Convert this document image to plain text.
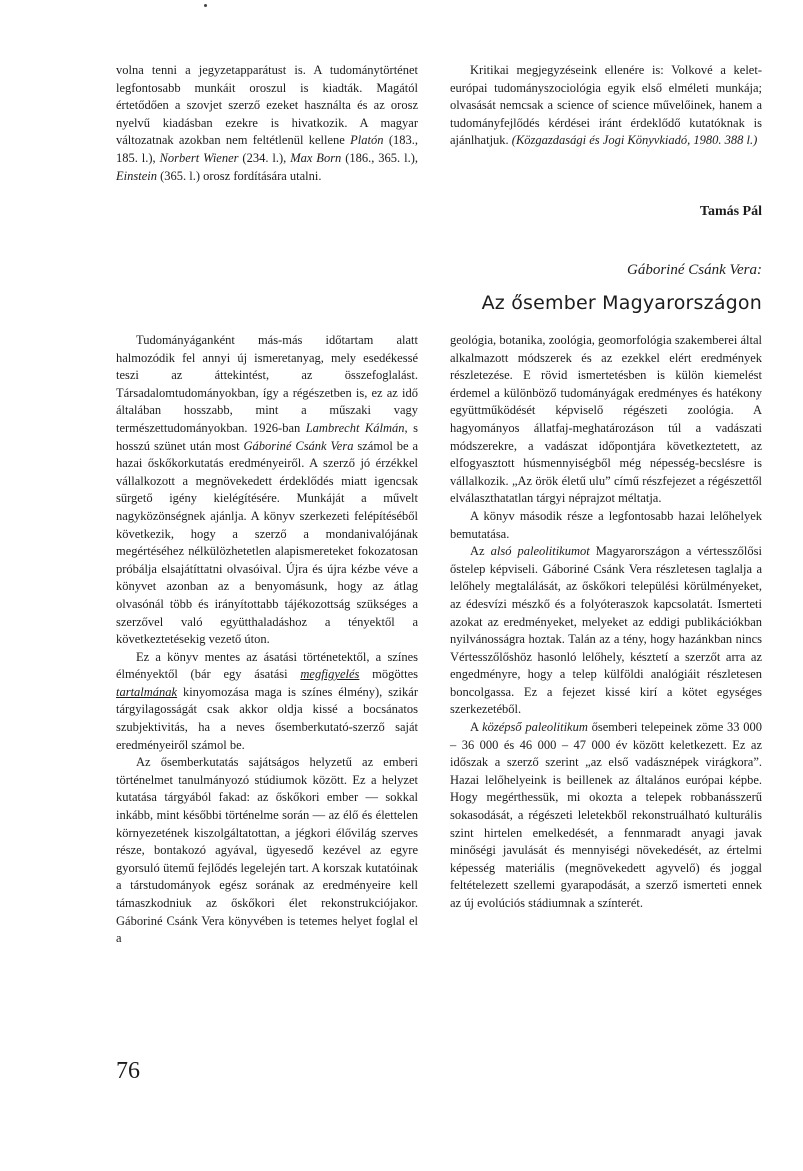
volna tenni a jegyzetapparátust is. A tudománytörténet legfontosabb munkáit oroszul is kiadták. Magától értetődően a szovjet szerző ezeket használta és az orosz nyelvű kiadásban ezekre is hivatkozik. A magyar változatnak azokban nem feltétlenül kellene Platón (183., 185. l.), Norbert Wiener (234. l.), Max Born (186., 365. l.), Einstein (365. l.) orosz fordítására utalni.

Kritikai megjegyzéseink ellenére is: Volkové a kelet-európai tudományszociológia egyik első elméleti munkája; olvasását nemcsak a science of science művelőinek, hanem a tudományfejlődés kérdései iránt érdeklődő kutatóknak is ajánlhatjuk. (Közgazdasági és Jogi Könyvkiadó, 1980. 388 l.)

Tamás Pál
Gáboriné Csánk Vera:
Az ősember Magyarországon

Tudományáganként más-más időtartam alatt halmozódik fel annyi új ismeretanyag, mely esedékessé teszi az áttekintést, az összefoglalást. Társadalomtudományokban, így a régészetben is, ez az idő általában hosszabb, mint a műszaki vagy természettudományokban. 1926-ban Lambrecht Kálmán, s hosszú szünet után most Gáboriné Csánk Vera számol be a hazai őskőkorkutatás eredményeiről. A szerző jó érzékkel vállalkozott a megnövekedett érdeklődés miatt igencsak sürgető igény kielégítésére. Munkáját a művelt nagyközönségnek ajánlja. A könyv szerkezeti felépítéséből következik, hogy a szerző a mondanivalójának megértéséhez nélkülözhetetlen alapismereteket fokozatosan próbálja elsajátíttatni olvasóival. Újra és újra kézbe véve a könyvet azonban az a benyomásunk, hogy az átlag olvasónál több és irányítottabb tájékozottság szükséges a szerzővel való együtthaladáshoz a tényektől a következtetésekig vezető úton.

Ez a könyv mentes az ásatási történetektől, a színes élményektől (bár egy ásatási megfigyelés mögöttes tartalmának kinyomozása maga is színes élmény), szikár tárgyilagosságát csak akkor oldja kissé a bocsánatos szubjektivitás, ha a neves ősemberkutató-szerző saját eredményeiről számol be.

Az ősemberkutatás sajátságos helyzetű az emberi történelmet tanulmányozó stúdiumok között. Ez a helyzet kutatása tárgyából fakad: az őskőkori ember — sokkal inkább, mint későbbi történelme során — az élő és élettelen környezetének kiszolgáltatottan, a jégkori élővilág szerves része, bontakozó agyával, ügyesedő kezével az egyre gyorsuló ütemű fejlődés legelején tart. A korszak kutatóinak a társtudományok egész sorának az eredményeire kell támaszkodniuk az őskőkori élet rekonstrukciójakor. Gáboriné Csánk Vera könyvében is tetemes helyet foglal el a

geológia, botanika, zoológia, geomorfológia szakemberei által alkalmazott módszerek és az ezekkel elért eredmények részletezése. E rövid ismertetésben is külön kiemelést érdemel a különböző tudományágak eredményes és hatékony együttműködését képviselő régészeti zoológia. A hagyományos állatfaj-meghatározáson túl a vadászati módszerekre, a vadászat időpontjára következtetett, az elfogyasztott húsmennyiségből még népesség-becslésre is vállalkozik. „Az örök életű ulu” című részfejezet a régészettől elválaszthatatlan tárgyi néprajzot méltatja.

A könyv második része a legfontosabb hazai lelőhelyek bemutatása.

Az alsó paleolitikumot Magyarországon a vértesszőlősi őstelep képviseli. Gáboriné Csánk Vera részletesen taglalja a lelőhely megtalálását, az őskőkori települési körülményeket, az édesvízi mészkő és a folyóteraszok kapcsolatát. Ismerteti azokat az eredményeket, melyeket az eddigi publikációkban nyilvánosságra hoztak. Talán az a tény, hogy hazánkban nincs Vértesszőlőshöz hasonló lelőhely, késztetí a szerzőt arra az engedményre, hogy a telep külföldi analógiáit részletesen boncolgassa. Ez a fejezet kissé kirí a kötet egységes szerkezetéből.

A középső paleolitikum ősemberi telepeinek zöme 33 000 – 36 000 és 46 000 – 47 000 év között keletkezett. Ez az időszak a szerző szerint „az első vadásznépek virágkora”. Hazai lelőhelyeink is beillenek az általános európai képbe. Hogy megérthessük, mi okozta a telepek robbanásszerű sokasodását, a régészeti leletekből rekonstruálható kulturális szint hirtelen emelkedését, a fennmaradt anyagi javak minőségi javulását és mennyiségi növekedését, az értelmi képesség materiális (megnövekedett agyvelő) és joggal feltételezett szellemi gyarapodását, a szerző ismerteti ennek az új evolúciós stádiumnak a színterét.

76
